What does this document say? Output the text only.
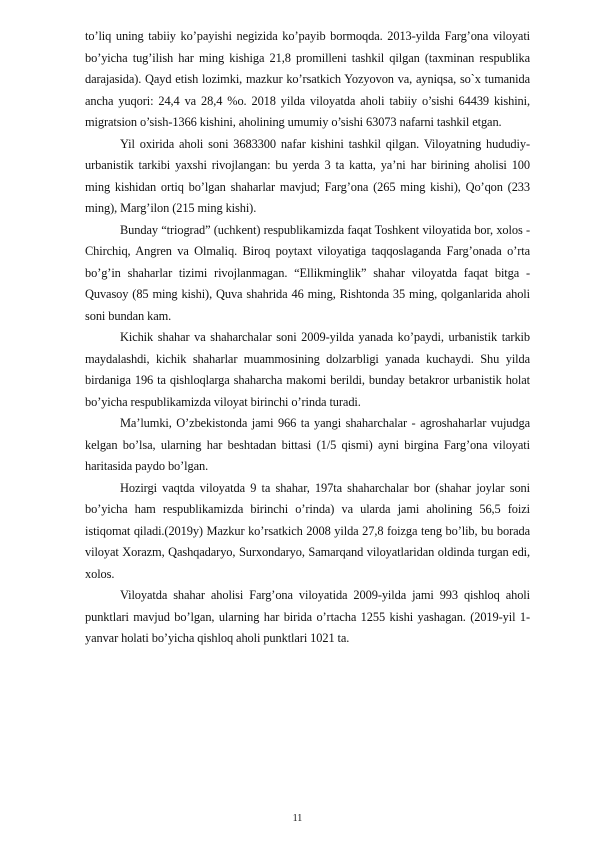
to’liq uning tabiiy ko’payishi negizida ko’payib bormoqda. 2013-yilda Farg’ona viloyati bo’yicha tug’ilish har ming kishiga 21,8 promilleni tashkil qilgan (taxminan respublika darajasida). Qayd etish lozimki, mazkur ko’rsatkich Yozyovon va, ayniqsa, so`x tumanida ancha yuqori: 24,4 va 28,4 %o. 2018 yilda viloyatda aholi tabiiy o’sishi 64439 kishini, migratsion o’sish-1366 kishini, aholining umumiy o’sishi 63073 nafarni tashkil etgan.

Yil oxirida aholi soni 3683300 nafar kishini tashkil qilgan. Viloyatning hududiy-urbanistik tarkibi yaxshi rivojlangan: bu yerda 3 ta katta, ya’ni har birining aholisi 100 ming kishidan ortiq bo’lgan shaharlar mavjud; Farg’ona (265 ming kishi), Qo’qon (233 ming), Marg’ilon (215 ming kishi).

Bunday “triograd” (uchkent) respublikamizda faqat Toshkent viloyatida bor, xolos - Chirchiq, Angren va Olmaliq. Biroq poytaxt viloyatiga taqqoslaganda Farg’onada o’rta bo’g’in shaharlar tizimi rivojlanmagan. “Ellikminglik” shahar viloyatda faqat bitga - Quvasoy (85 ming kishi), Quva shahrida 46 ming, Rishtonda 35 ming, qolganlarida aholi soni bundan kam.

Kichik shahar va shaharchalar soni 2009-yilda yanada ko’paydi, urbanistik tarkib maydalashdi, kichik shaharlar muammosining dolzarbligi yanada kuchaydi. Shu yilda birdaniga 196 ta qishloqlarga shaharcha makomi berildi, bunday betakror urbanistik holat bo’yicha respublikamizda viloyat birinchi o’rinda turadi.

Ma’lumki, O’zbekistonda jami 966 ta yangi shaharchalar - agroshaharlar vujudga kelgan bo’lsa, ularning har beshtadan bittasi (1/5 qismi) ayni birgina Farg’ona viloyati haritasida paydo bo’lgan.

Hozirgi vaqtda viloyatda 9 ta shahar, 197ta shaharchalar bor (shahar joylar soni bo’yicha ham respublikamizda birinchi o’rinda) va ularda jami aholining 56,5 foizi istiqomat qiladi.(2019y) Mazkur ko’rsatkich 2008 yilda 27,8 foizga teng bo’lib, bu borada viloyat Xorazm, Qashqadaryo, Surxondaryo, Samarqand viloyatlaridan oldinda turgan edi, xolos.

Viloyatda shahar aholisi Farg’ona viloyatida 2009-yilda jami 993 qishloq aholi punktlari mavjud bo’lgan, ularning har birida o’rtacha 1255 kishi yashagan. (2019-yil 1-yanvar holati bo’yicha qishloq aholi punktlari 1021 ta.

11
